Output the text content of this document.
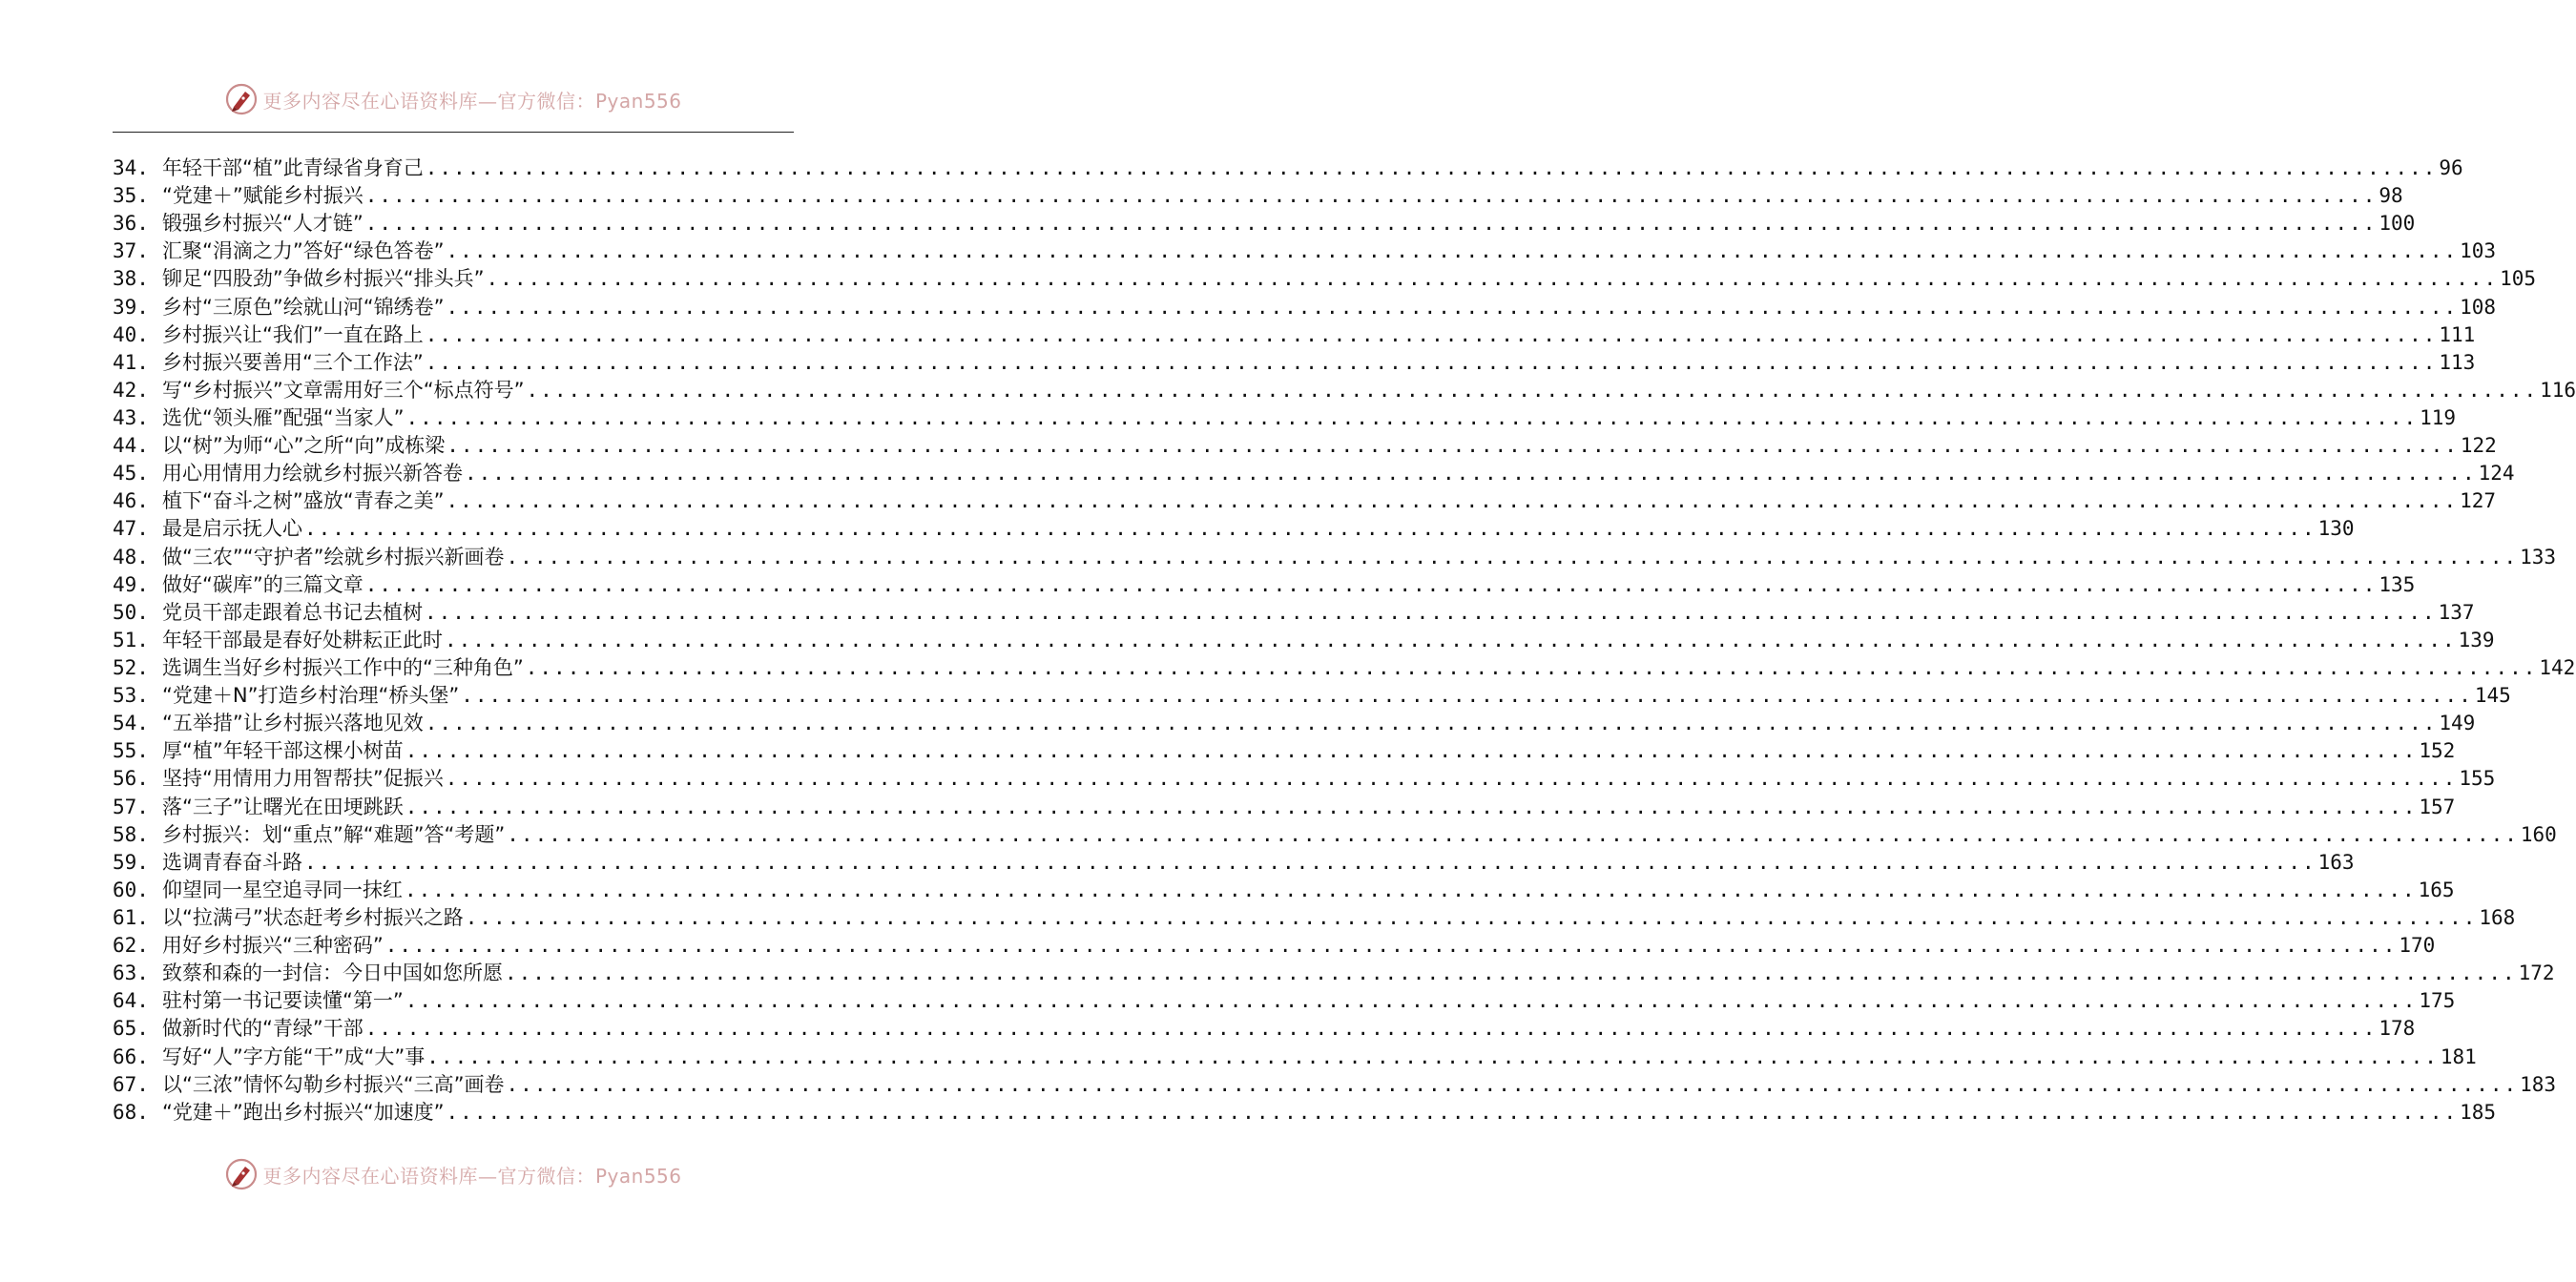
更多内容尽在心语资料库—官方微信：Pyan556
34. 年轻干部“植”此青绿省身育己 .....	96
35. “党建＋”赋能乡村振兴 .....	98
36. 锻强乡村振兴“人才链” .....	100
37. 汇聚“涓滴之力”答好“绿色答卷” .....	103
38. 铆足“四股劲”争做乡村振兴“排头兵” .....	105
39. 乡村“三原色”绘就山河“锦绣卷” .....	108
40. 乡村振兴让“我们”一直在路上 .....	111
41. 乡村振兴要善用“三个工作法” .....	113
42. 写“乡村振兴”文章需用好三个“标点符号” .....	116
43. 选优“领头雁”配强“当家人” .....	119
44. 以“树”为师“心”之所“向”成栋梁 .....	122
45. 用心用情用力绘就乡村振兴新答卷 .....	124
46. 植下“奋斗之树”盛放“青春之美” .....	127
47. 最是启示抚人心 .....	130
48. 做“三农”“守护者”绘就乡村振兴新画卷 .....	133
49. 做好“碳库”的三篇文章 .....	135
50. 党员干部走跟着总书记去植树 .....	137
51. 年轻干部最是春好处耕耘正此时 .....	139
52. 选调生当好乡村振兴工作中的“三种角色” .....	142
53. “党建＋N”打造乡村治理“桥头堡” .....	145
54. “五举措”让乡村振兴落地见效 .....	149
55. 厚“植”年轻干部这棵小树苗 .....	152
56. 坚持“用情用力用智帮扶”促振兴 .....	155
57. 落“三子”让曙光在田埂跳跃 .....	157
58. 乡村振兴：划“重点”解“难题”答“考题” .....	160
59. 选调青春奋斗路 .....	163
60. 仰望同一星空追寻同一抹红 .....	165
61. 以“拉满弓”状态赶考乡村振兴之路 .....	168
62. 用好乡村振兴“三种密码” .....	170
63. 致蔡和森的一封信：今日中国如您所愿 .....	172
64. 驻村第一书记要读懂“第一” .....	175
65. 做新时代的“青绿”干部 .....	178
66. 写好“人”字方能“干”成“大”事 .....	181
67. 以“三浓”情怀勾勒乡村振兴“三高”画卷 .....	183
68. “党建＋”跑出乡村振兴“加速度” .....	185
更多内容尽在心语资料库—官方微信：Pyan556
